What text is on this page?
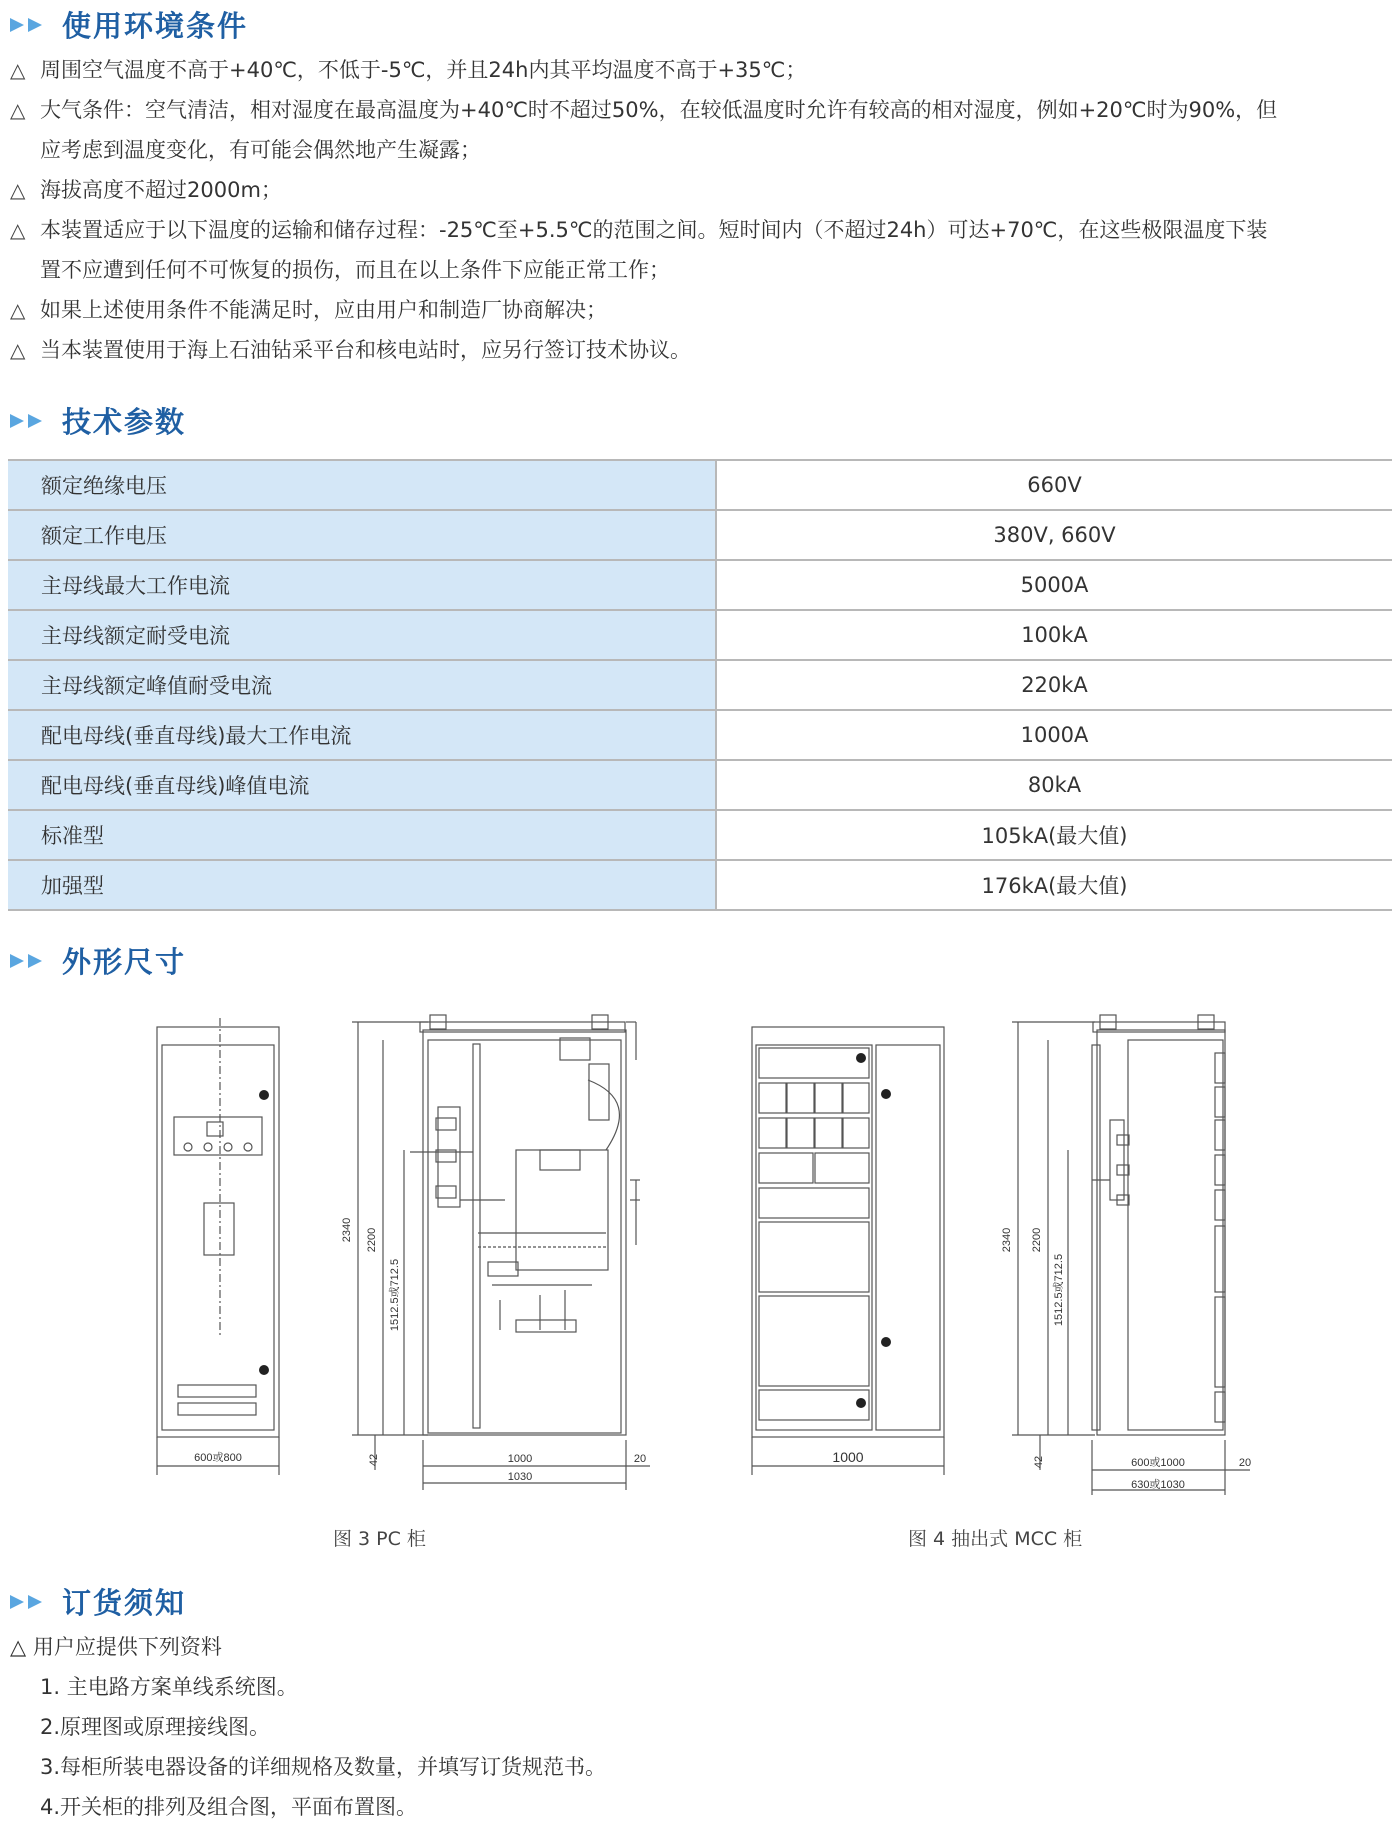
使用环境条件
△ 周围空气温度不高于+40℃，不低于-5℃，并且24h内其平均温度不高于+35℃；
△ 大气条件：空气清洁，相对湿度在最高温度为+40℃时不超过50%，在较低温度时允许有较高的相对湿度，例如+20℃时为90%，但
应考虑到温度变化，有可能会偶然地产生凝露；
△ 海拔高度不超过2000m；
△ 本装置适应于以下温度的运输和储存过程：-25℃至+5.5℃的范围之间。短时间内（不超过24h）可达+70℃，在这些极限温度下装
置不应遭到任何不可恢复的损伤，而且在以上条件下应能正常工作；
△ 如果上述使用条件不能满足时，应由用户和制造厂协商解决；
△ 当本装置使用于海上石油钻采平台和核电站时，应另行签订技术协议。
技术参数
额定绝缘电压	660V
额定工作电压	380V, 660V
主母线最大工作电流	5000A
主母线额定耐受电流	100kA
主母线额定峰值耐受电流	220kA
配电母线(垂直母线)最大工作电流	1000A
配电母线(垂直母线)峰值电流	80kA
标准型	105kA(最大值)
加强型	176kA(最大值)
外形尺寸
600或800
2340 2200
1512.5或712.5
42	1000
1030
20	1000
2340 2200
1512.5或712.5
42	600或1000
630或1030
20
图 3 PC 柜	图 4 抽出式 MCC 柜
订货须知
△ 用户应提供下列资料
1. 主电路方案单线系统图。
2.原理图或原理接线图。
3.每柜所装电器设备的详细规格及数量，并填写订货规范书。
4.开关柜的排列及组合图，平面布置图。
